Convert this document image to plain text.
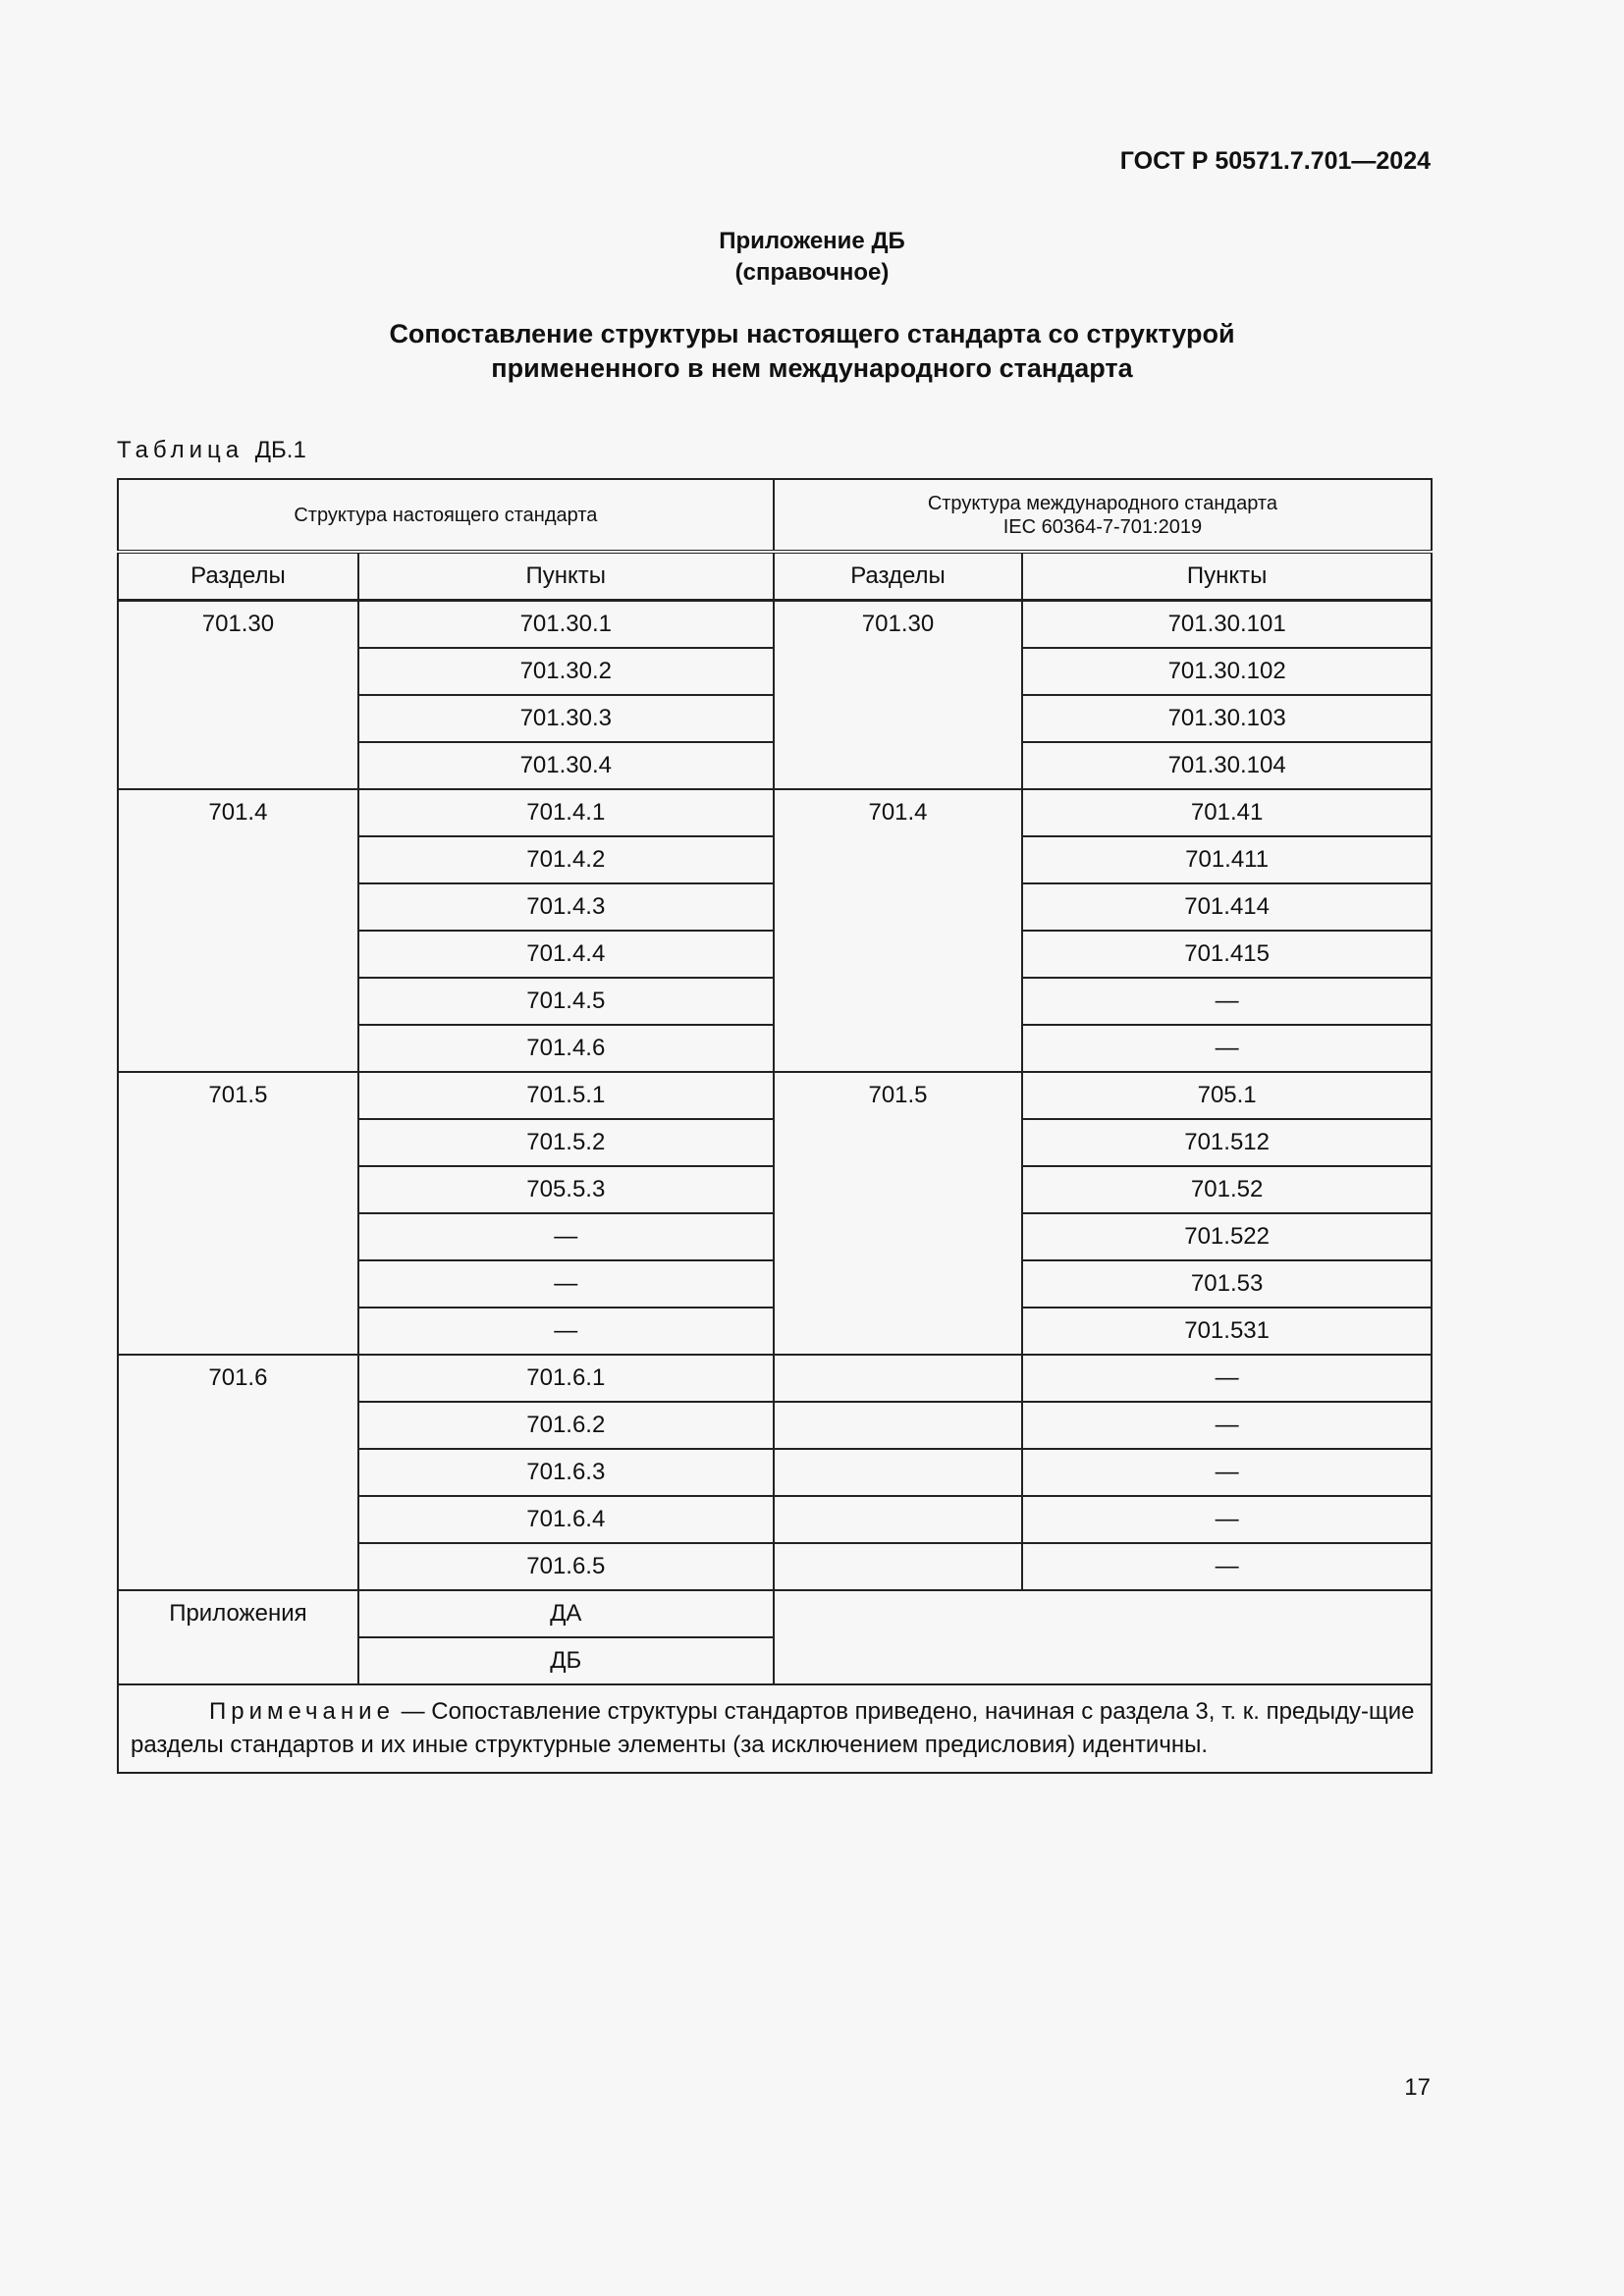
ГОСТ Р 50571.7.701—2024
Приложение ДБ
(справочное)
Сопоставление структуры настоящего стандарта со структурой
примененного в нем международного стандарта
Таблица ДБ.1
Структура настоящего стандарта		Структура международного стандарта
IEC 60364-7-701:2019	

Разделы	Пункты	Разделы	Пункты
701.30	701.30.1	701.30	701.30.101
	701.30.2		701.30.102
	701.30.3		701.30.103
	701.30.4		701.30.104
701.4	701.4.1	701.4	701.41
	701.4.2		701.411
	701.4.3		701.414
	701.4.4		701.415
	701.4.5		—
	701.4.6		—
701.5	701.5.1	701.5	705.1
	701.5.2		701.512
	705.5.3		701.52
	—		701.522
	—		701.53
	—		701.531
701.6	701.6.1		—
	701.6.2		—
	701.6.3		—
	701.6.4		—
	701.6.5		—
Приложения	ДА		
	ДБ		
Примечание — Сопоставление структуры стандартов приведено, начиная с раздела 3, т. к. предыду-щие разделы стандартов и их иные структурные элементы (за исключением предисловия) идентичны.			
17
